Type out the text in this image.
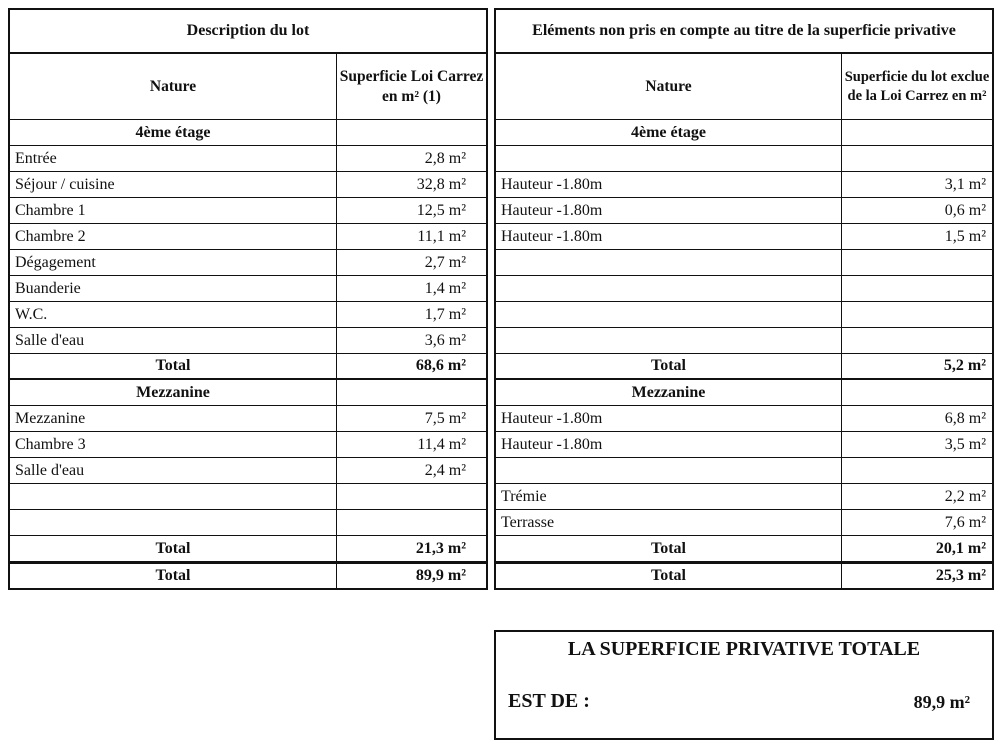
Description du lot
Nature
Superficie Loi Carrez en m² (1)
4ème étage
Entrée	2,8 m²
Séjour / cuisine	32,8 m²
Chambre 1	12,5 m²
Chambre 2	11,1 m²
Dégagement	2,7 m²
Buanderie	1,4 m²
W.C.	1,7 m²
Salle d'eau	3,6 m²
Total	68,6 m²
Mezzanine
Mezzanine	7,5 m²
Chambre 3	11,4 m²
Salle d'eau	2,4 m²
Total	21,3 m²
Total	89,9 m²
Eléments non pris en compte au titre de la superficie privative
Nature
Superficie du lot exclue de la Loi Carrez en m²
4ème étage
Hauteur -1.80m	3,1 m²
Hauteur -1.80m	0,6 m²
Hauteur -1.80m	1,5 m²
Total	5,2 m²
Mezzanine
Hauteur -1.80m	6,8 m²
Hauteur -1.80m	3,5 m²
Trémie	2,2 m²
Terrasse	7,6 m²
Total	20,1 m²
Total	25,3 m²
LA SUPERFICIE PRIVATIVE TOTALE
EST DE :	89,9 m²
